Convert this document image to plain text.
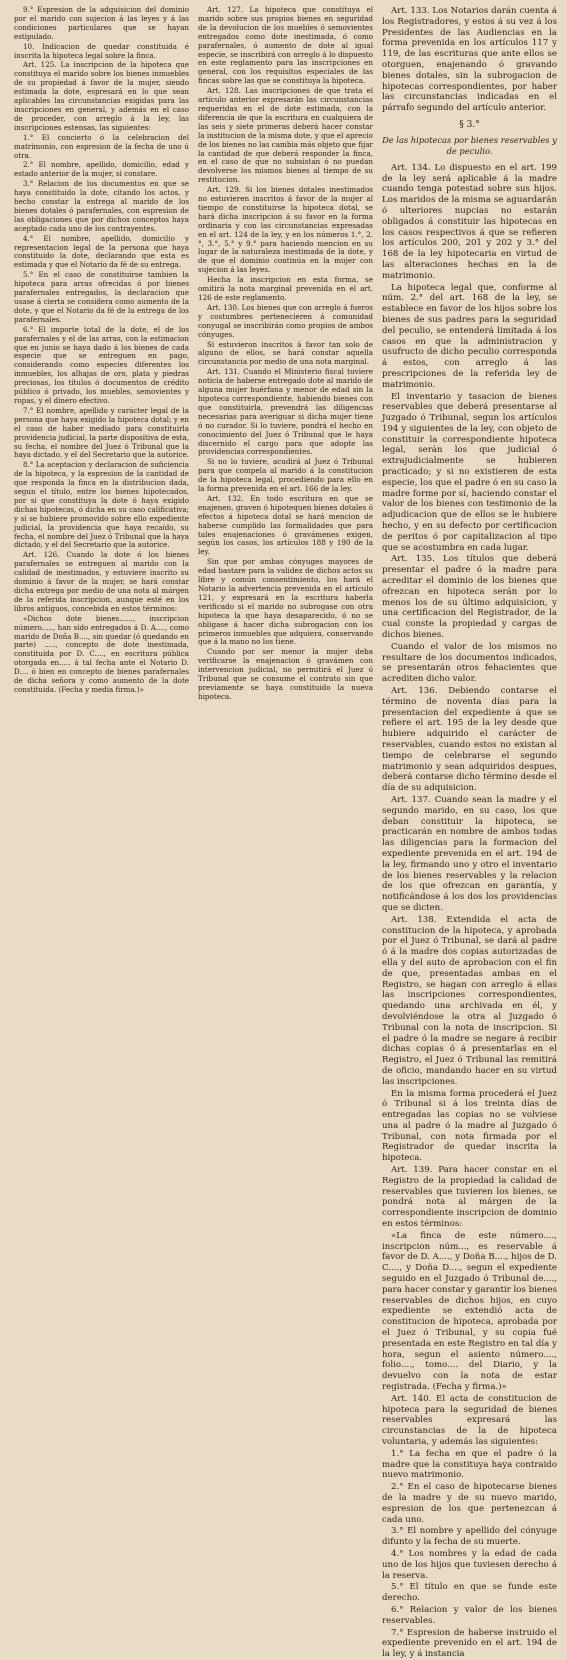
9.° Espresion de la adquisicion del dominio por el marido con sujecion á las leyes y á las condiciones particulares que se hayan estipulado.

10. Indicacion de quedar constituida é inscrita la hipoteca legal sobre la finca.

Art. 125. La inscripcion de la hipoteca que constituya el marido sobre los bienes inmuebles de su propiedad á favor de la mujer, siendo estimada la dote, espresará en lo que sean aplicables las circunstancias exigidas para las inscripciones en general, y además en el caso de proceder, con arreglo á la ley, las inscripciones estensas, las siguientes:

1.° El concierto ó la celebracion del matrimonio, con espresion de la fecha de uno ú otra.

2.° El nombre, apellido, domicilio, edad y estado anterior de la mujer, si constare.

3.° Relacion de los documentos en que se haya constituido la dote, citando los actos, y hecho constar la entrega al marido de los bienes dotales ó parafernales, con espresion de las obligaciones que por dichos conceptos haya aceptado cada uno de los contrayentes.

4.° El nombre, apellido, domicilio y representacion legal de la persona que haya constituido la dote, declarando que esta es estimada y que el Notario da fé de su entrega.

5.° En el caso de constituirse tambien la hipoteca para arras ofrecidas ó por bienes parafernales entregados, la declaracion que usase á cierta se considera como aumento de la dote, y que el Notario da fé de la entrega de los parafernales.

6.° El importe total de la dote, el de los parafernales y el de las arras, con la estimacion que en junio se haya dado á los bienes de cada especie que se entreguen en pago, considerando como especies diferentes los inmuebles, los alhajas de oro, plata y piedras preciosas, los títulos ó documentos de crédito público ó privado, los muebles, semovientes y ropas, y el dinero efectivo.

7.° El nombre, apellido y carácter legal de la persona que haya exigido la hipoteca dotal; y en el caso de haber mediado para constituirla providencia judicial, la parte dispositiva de esta, su fecha, el nombre del Juez ó Tribunal que la haya dictado, y el del Secretario que la autorice.

8.° La aceptacion y declaracion de suficiencia de la hipoteca, y la espresion de la cantidad de que responda la finca en la distribucion dada, segun el título, entre los bienes hipotecados, por si que constituya la dote ó haya exigido dichas hipotecas, ó dicha en su caso calificativa; y si se hubiere promovido sobre ello expediente judicial, la providencia que haya recaído, su fecha, el nombre del Juez ó Tribunal que la haya dictado, y el del Secretario que la autorice.

Art. 126. Cuando la dote ó los bienes parafernales se entreguen al marido con la calidad de inestimados, y estuviere inscrito su dominio á favor de la mujer, se hará constar dicha entrega por medio de una nota al márgen de la referida inscripcion, aunque esté en los libros antiguos, concebida en estos términos:

«Dichos dote bienes......, inscripcion número....., han sido entregados á D. A...., como marido de Doña B...., sin quedar (ó quedando en parte) ....., concepto de dote inestimada, constituida por D. C...., en escritura pública otorgada en..... á tal fecha ante el Notario D. D.... ó bien en concepto de bienes parafernales de dicha señora y como aumento de la dote constituida. (Fecha y media firma.)»

Art. 127. La hipoteca que constituya el marido sobre sus propios bienes en seguridad de la devolucion de los muebles ó semovientes entregados como dote inestimada, ó como parafernales, ó aumento de dote al igual especie, se inscribirá con arreglo á lo dispuesto en este reglamento para las inscripciones en general, con los requisitos especiales de las fincas sobre las que se constituya la hipoteca.

Art. 128. Las inscripciones de que trata el artículo anterior expresarán las circunstancias requeridas en el de dote estimada, con la diferencia de que la escritura en cualquiera de las seis y siete primeras deberá hacer constar la institucion de la misma dote, y que el aprecio de los bienes no las cambia más objeto que fijar la cantidad de que deberá responder la finca, en el caso de que no subsistan ó no puedan devolverse los mismos bienes al tiempo de su restitucion.

Art. 129. Si los bienes dotales inestimados no estuvieren inscritos á favor de la mujer al tiempo de constituirse la hipoteca dotal, se hará dicha inscripcion á su favor en la forma ordinaria y con las circunstancias expresadas en el art. 124 de la ley, y en los números 1.°, 2.°, 3.°, 5.° y 9.° para haciendo mencion en su lugar de la naturaleza inestimada de la dote, y de que el dominio continúa en la mujer con sujecion á las leyes.

Hecha la inscripcion en esta forma, se omitirá la nota marginal prevenida en el art. 126 de este reglamento.

Art. 130. Los bienes que con arreglo á fueros y costumbres pertenecieren á comunidad conyugal se inscribirán como propios de ambos cónyuges.

Si estuvieron inscritos á favor tan solo de alguno de ellos, se hará constar aquella circunstancia por medio de una nota marginal.

Art. 131. Cuando el Ministerio fiscal tuviere noticia de haberse entregado dote al marido de alguna mujer huérfana y menor de edad sin la hipoteca correspondiente, habiendo bienes con que constituirla, prevendrá las diligencias necesarias para averiguar si dicha mujer tiene ó no curador. Si lo tuviere, pondrá el hecho en conocimiento del Juez ó Tribunal que le haya discernido el cargo para que adopte las providencias correspondientes.

Si no lo tuviere, acudirá al Juez ó Tribunal para que compela al marido á la constitucion de la hipoteca legal, procediendo para ello en la forma prevenida en el art. 166 de la ley.

Art. 132. En todo escritura en que se enajenen, graven ó hipotequen bienes dotales ó efectos á hipoteca dotal se hará mencion de haberse cumplido las formalidades que para tales enajenaciones ó gravámenes exigen, según los casos, los artículos 188 y 190 de la ley.

Sin que por ambas cónyuges mayores de edad bastare para la validez de dichos actos su libre y común consentimiento, los hará el Notario la advertencia prevenida en el artículo 121, y expresará en la escritura haberla verificado si el marido no subrogase con otra hipoteca la que haya desaparecido, ó no se obligase á hacer dicha subrogacion con los primeros inmuebles que adquiera, conservando que á la mano no los tiene.

Cuando por ser menor la mujer deba verificarse la enajenacion ó gravámen con intervencion judicial, no permitirá el Juez ó Tribunal que se consume el contrato sin que previamente se haya constituido la nueva hipoteca.

Art. 133. Los Notarios darán cuenta á los Registradores, y estos á su vez á los Presidentes de las Audiencias en la forma prevenida en los artículos 117 y 119, de las escrituras que ante ellos se otorguen, enajenando ó gravando bienes dotales, sin la subrogacion de hipotecas correspondientes, por haber las circunstancias indicadas en el párrafo segundo del artículo anterior.

§ 3.°

De las hipotecas por bienes reservables y de peculio.

Art. 134. Lo dispuesto en el art. 199 de la ley será aplicable á la madre cuando tenga potestad sobre sus hijos. Los maridos de la misma se aguardarán ó ulteriores nupcias no estarán obligados á constituir las hipotecas en los casos respectivos á que se refieren los artículos 200, 201 y 202 y 3.° del 168 de la ley hipotecaria en virtud de las alteraciones hechas en la de matrimonio.

La hipoteca legal que, conforme al núm. 2.° del art. 168 de la ley, se establece en favor de los hijos sobre los bienes de sus padres para la seguridad del peculio, se entenderá limitada á los casos en que la administracion y usufructo de dicho peculio corresponda á estos, con arreglo á las prescripciones de la referida ley de matrimonio.

El inventario y tasacion de bienes reservables que deberá presentarse al Juzgado ó Tribunal, segun los artículos 194 y siguientes de la ley, con objeto de constituir la correspondiente hipoteca legal, serán los que judicial ó extrajudicialmente se hubieren practicado; y si no existieren de esta especie, los que el padre ó en su caso la madre forme por sí, haciendo constar el valor de los bienes con testimonio de la adjudicacion que de ellos se le hubiere hecho, y en su defecto por certificacion de peritos ó por capitalizacion al tipo que se acostumbra en cada lugar.

Art. 135. Los títulos que deberá presentar el padre ó la madre para acreditar el dominio de los bienes que ofrezcan en hipoteca serán por lo menos los de su último adquisicion, y una certificacion del Registrador, de la cual conste la propiedad y cargas de dichos bienes.

Cuando el valor de los mismos no resultare de los documentos indicados, se presentarán otros fehacientes que acrediten dicho valor.

Art. 136. Debiendo contarse el término de noventa días para la presentacion del expediente á que se refiere el art. 195 de la ley desde que hubiere adquirido el carácter de reservables, cuando estos no existan al tiempo de celebrarse el segundo matrimonio y sean adquiridos despues, deberá contarse dicho término desde el día de su adquisicion.

Art. 137. Cuando sean la madre y el segundo marido, en su caso, los que deban constituir la hipoteca, se practicarán en nombre de ambos todas las diligencias para la formacion del expediente prevenida en el art. 194 de la ley, firmando uno y otro el inventario de los bienes reservables y la relacion de los que ofrezcan en garantía, y notificándose á los dos los providencias que se dicten.

Art. 138. Extendida el acta de constitucion de la hipoteca, y aprobada por el Juez ó Tribunal, se dará al padre ó á la madre dos copias autorizadas de ella y del auto de aprobacion con el fin de que, presentadas ambas en el Registro, se hagan con arreglo á ellas las inscripciones correspondientes, quedando una archivada en él, y devolviéndose la otra al Juzgado ó Tribunal con la nota de inscripcion. Si el padre ó la madre se negare á recibir dichas copias ó á presentarlas en el Registro, el Juez ó Tribunal las remitirá de oficio, mandando hacer en su virtud las inscripciones.

En la misma forma procederá el Juez ó Tribunal si á los treinta días de entregadas las copias no se volviese una al padre ó la madre al Juzgado ó Tribunal, con nota firmada por el Registrador de quedar inscrita la hipoteca.

Art. 139. Para hacer constar en el Registro de la propiedad la calidad de reservables que tuvieren los bienes, se pondrá nota al márgen de la correspondiente inscripcion de dominio en estos términos:

«La finca de este número...., inscripcion núm..., es reservable á favor de D. A...., y Doña B...., hijos de D. C...., y Doña D...., segun el expediente seguido en el Juzgado ó Tribunal de...., para hacer constar y garantir los bienes reservables de dichos hijos, en cuyo expediente se extendió acta de constitucion de hipoteca, aprobada por el Juez ó Tribunal, y su copia fué presentada en este Registro en tal día y hora, segun el asiento número...., folio...., tomo.... del Diario, y la devuelvo con la nota de estar registrada. (Fecha y firma.)»

Art. 140. El acta de constitucion de hipoteca para la seguridad de bienes reservables expresará las circunstancias de la de hipoteca voluntaria, y además las siguientes:

1.° La fecha en que el padre ó la madre que la constituya haya contraido nuevo matrimonio.

2.° En el caso de hipotecarse bienes de la madre y de su nuevo marido, espresion de los que pertenezcan á cada uno.

3.° El nombre y apellido del cónyuge difunto y la fecha de su muerte.

4.° Los nombres y la edad de cada uno de los hijos que tuviesen derecho á la reserva.

5.° El título en que se funde este derecho.

6.° Relacion y valor de los bienes reservables.

7.° Espresion de haberse instruido el expediente prevenido en el art. 194 de la ley, y á instancia
